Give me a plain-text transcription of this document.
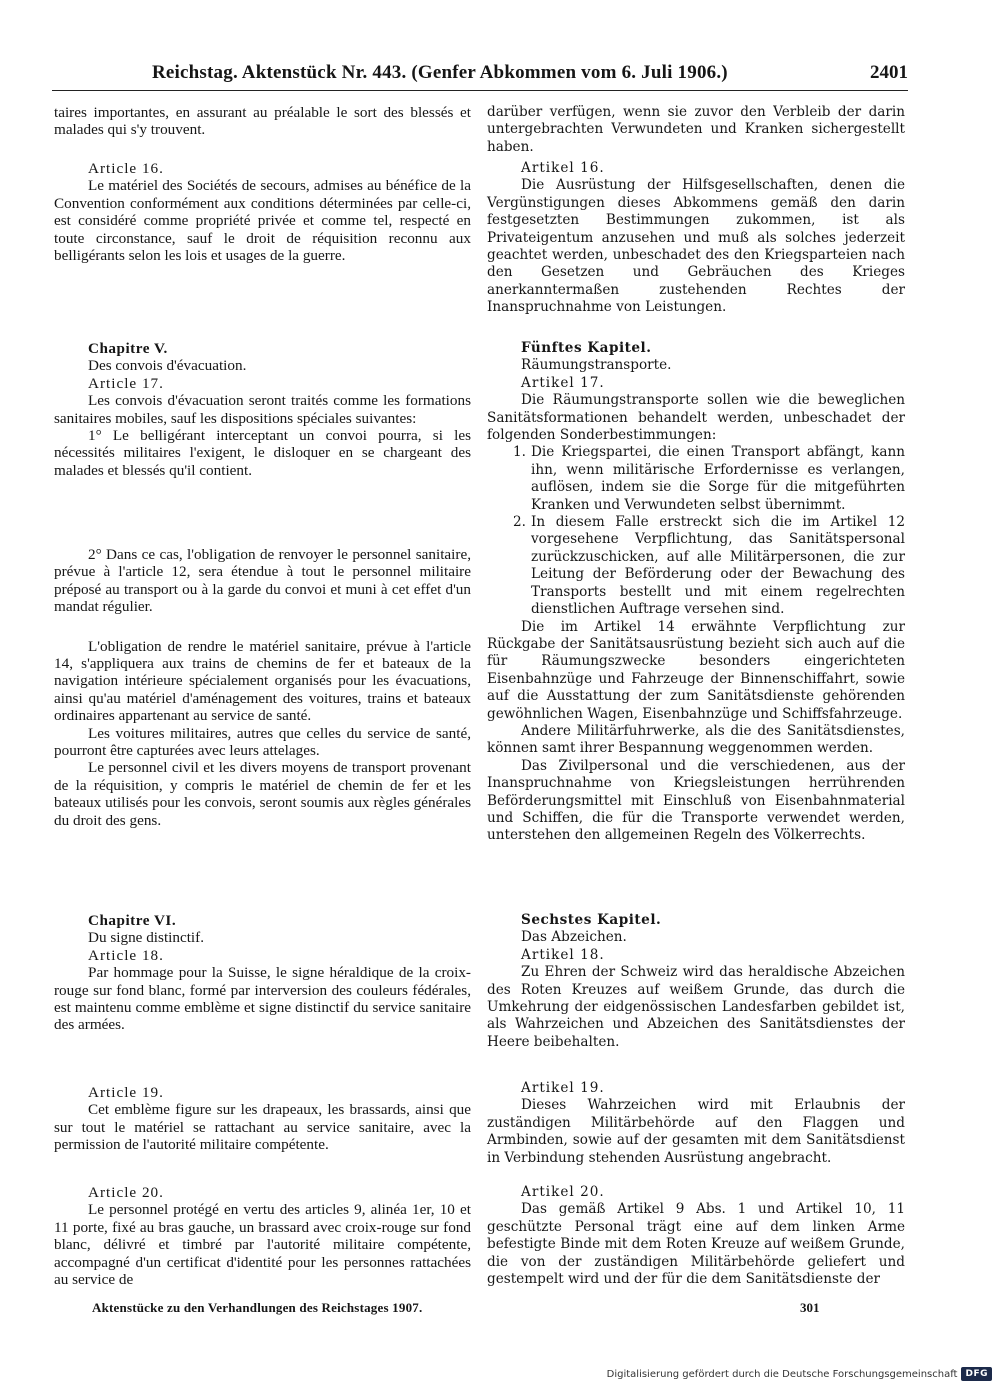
Reichstag. Aktenstück Nr. 443. (Genfer Abkommen vom 6. Juli 1906.)	2401

taires importantes, en assurant au préalable le sort des blessés et malades qui s'y trouvent.

Article 16.

Le matériel des Sociétés de secours, admises au bénéfice de la Convention conformément aux conditions déterminées par celle-ci, est considéré comme propriété privée et comme tel, respecté en toute circonstance, sauf le droit de réquisition reconnu aux belligérants selon les lois et usages de la guerre.

Chapitre V.

Des convois d'évacuation.

Article 17.

Les convois d'évacuation seront traités comme les formations sanitaires mobiles, sauf les dispositions spéciales suivantes:

1° Le belligérant interceptant un convoi pourra, si les nécessités militaires l'exigent, le disloquer en se chargeant des malades et blessés qu'il contient.

2° Dans ce cas, l'obligation de renvoyer le personnel sanitaire, prévue à l'article 12, sera étendue à tout le personnel militaire préposé au transport ou à la garde du convoi et muni à cet effet d'un mandat régulier.

L'obligation de rendre le matériel sanitaire, prévue à l'article 14, s'appliquera aux trains de chemins de fer et bateaux de la navigation intérieure spécialement organisés pour les évacuations, ainsi qu'au matériel d'aménagement des voitures, trains et bateaux ordinaires appartenant au service de santé.

Les voitures militaires, autres que celles du service de santé, pourront être capturées avec leurs attelages.

Le personnel civil et les divers moyens de transport provenant de la réquisition, y compris le matériel de chemin de fer et les bateaux utilisés pour les convois, seront soumis aux règles générales du droit des gens.

Chapitre VI.

Du signe distinctif.

Article 18.

Par hommage pour la Suisse, le signe héraldique de la croix-rouge sur fond blanc, formé par interversion des couleurs fédérales, est maintenu comme emblème et signe distinctif du service sanitaire des armées.

Article 19.

Cet emblème figure sur les drapeaux, les brassards, ainsi que sur tout le matériel se rattachant au service sanitaire, avec la permission de l'autorité militaire compétente.

Article 20.

Le personnel protégé en vertu des articles 9, alinéa 1er, 10 et 11 porte, fixé au bras gauche, un brassard avec croix-rouge sur fond blanc, délivré et timbré par l'autorité militaire compétente, accompagné d'un certificat d'identité pour les personnes rattachées au service de

darüber verfügen, wenn sie zuvor den Verbleib der darin untergebrachten Verwundeten und Kranken sichergestellt haben.

Artikel 16.

Die Ausrüstung der Hilfsgesellschaften, denen die Vergünstigungen dieses Abkommens gemäß den darin festgesetzten Bestimmungen zukommen, ist als Privateigentum anzusehen und muß als solches jederzeit geachtet werden, unbeschadet des den Kriegsparteien nach den Gesetzen und Gebräuchen des Krieges anerkanntermaßen zustehenden Rechtes der Inanspruchnahme von Leistungen.

Fünftes Kapitel.

Räumungstransporte.

Artikel 17.

Die Räumungstransporte sollen wie die beweglichen Sanitätsformationen behandelt werden, unbeschadet der folgenden Sonderbestimmungen:

1. Die Kriegspartei, die einen Transport abfängt, kann ihn, wenn militärische Erfordernisse es verlangen, auflösen, indem sie die Sorge für die mitgeführten Kranken und Verwundeten selbst übernimmt.

2. In diesem Falle erstreckt sich die im Artikel 12 vorgesehene Verpflichtung, das Sanitätspersonal zurückzuschicken, auf alle Militärpersonen, die zur Leitung der Beförderung oder der Bewachung des Transports bestellt und mit einem regelrechten dienstlichen Auftrage versehen sind.

Die im Artikel 14 erwähnte Verpflichtung zur Rückgabe der Sanitätsausrüstung bezieht sich auch auf die für Räumungszwecke besonders eingerichteten Eisenbahnzüge und Fahrzeuge der Binnenschiffahrt, sowie auf die Ausstattung der zum Sanitätsdienste gehörenden gewöhnlichen Wagen, Eisenbahnzüge und Schiffsfahrzeuge.

Andere Militärfuhrwerke, als die des Sanitätsdienstes, können samt ihrer Bespannung weggenommen werden.

Das Zivilpersonal und die verschiedenen, aus der Inanspruchnahme von Kriegsleistungen herrührenden Beförderungsmittel mit Einschluß von Eisenbahnmaterial und Schiffen, die für die Transporte verwendet werden, unterstehen den allgemeinen Regeln des Völkerrechts.

Sechstes Kapitel.

Das Abzeichen.

Artikel 18.

Zu Ehren der Schweiz wird das heraldische Abzeichen des Roten Kreuzes auf weißem Grunde, das durch die Umkehrung der eidgenössischen Landesfarben gebildet ist, als Wahrzeichen und Abzeichen des Sanitätsdienstes der Heere beibehalten.

Artikel 19.

Dieses Wahrzeichen wird mit Erlaubnis der zuständigen Militärbehörde auf den Flaggen und Armbinden, sowie auf der gesamten mit dem Sanitätsdienst in Verbindung stehenden Ausrüstung angebracht.

Artikel 20.

Das gemäß Artikel 9 Abs. 1 und Artikel 10, 11 geschützte Personal trägt eine auf dem linken Arme befestigte Binde mit dem Roten Kreuze auf weißem Grunde, die von der zuständigen Militärbehörde geliefert und gestempelt wird und der für die dem Sanitätsdienste der

Aktenstücke zu den Verhandlungen des Reichstages 1907.	301
Digitalisierung gefördert durch die Deutsche Forschungsgemeinschaft DFG
